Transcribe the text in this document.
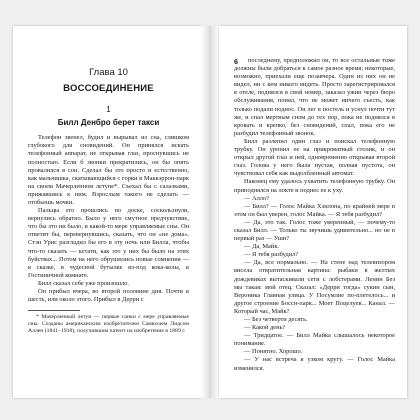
Глава 10
ВОССОЕДИНЕНИЕ
1
Билл Денбро берет такси

Телефон звенел, будил и вырывал из сна, слишком глубокого для сновидений. Он принялся искать телефонный аппарат, не открывая глаз, проснувшись не полностью. Если б звонки прекратились, он бы опять провалился в сон. Сделал бы это просто и естественно, как мальчишка, скатывающийся с горки в Маккэррон-парк на своем Мачерленном летуне*. Съехал бы с салазками, прижавшись к ним. Взрослым такого не сделать — отобьешь мочки.

Пальцы его прошлись по доске, соскользнули, вернулись обратно. Было у него смутное предчувствие, что бы это ни было, в какой-то мере управляемые сны. Он ответит бы, перевернувшись, сказать, что он «не дома». Стэн Урис разгладил бы его в эту ночь или Билла, чтобы что-то сказать — кстати, как это у них бы было на этих буйствах... Потом на него обрушились новые сомнения — в сказке, в чудесной бутылке из-под кока-колы, в Гостиничной комнате.

Билл сказал себе уже произошло.

Он прибыл вчера, во второй половине дня. Почти в шесть, или около этого. Прибыл в Дерри с

* Мачерленный летун — первые санки с мере управляемые сны. Созданы американским изобретателем Самюэлем Лидсом Аллен (1841–1918), получившим патент на изобретение в 1889 г.

6	последнему, предположил он, то все остальные тоже должны были добраться к самое разное время; некоторые, возможно, приехали еще позавчера. Один из них он не видел, ни с кем никого видеть. Просто зарегистрировался в отеле, поднялся в свой номер, заказал ужин через бюро обслуживания, понял, что не может ничего съесть, как только подали поднос. Он лег в постель и уснул почти тут же, и спал мертвым сном до тех пор, пока не поднялся в кровать и крепко, без сновидений, спал, пока его не разбудил телефонный звонок.

Билл разлепил один глаз и поискал телефонную трубку. Он уронил ее на прикроватный столик, и он открыл другой глаз и ней, одновременно открывая второй глаз. Голова у него была пустая, полная пустота, он чувствовал себя как выдолбленный автомат.

Наконец ему удалось ухватить телефонную трубку. Он приподнялся на локте и поднес ее к уху.

— Алло?

— Билл? — Голос Майка Хэнлона, по крайней мере в этом он был уверен, голос Майка. — Я тебя разбудил?

— Да, это так. Голос тоже уверенный, — почему-то сказал Билл. — Только ты звучишь удивительно... но не в первый раз — Уши?

— Да, Майк.

— Я тебя разбудил?

— Да, все нормально. — На стене над телевизором висела отвратительная картина: рыбаки в желтых дождевиках вытаскивали сети с лобстерами. Ленин Без мы такая: мой отец. Сказал: «Дерри тогда» сукин сын, Вероника Главная улица. У Посумлие по-плетелось... и другое строение Боссн-парк... Моет Поцелуев... Канал. — Который час, Майк?

— Без четверти десять.

— Какой день?

— Тридцатое. — Билл Майка слышалось некоторое понимание.

— Понятно. Хорошо.

— У нас встреча в узком кругу. — Голос Майка изменился.
